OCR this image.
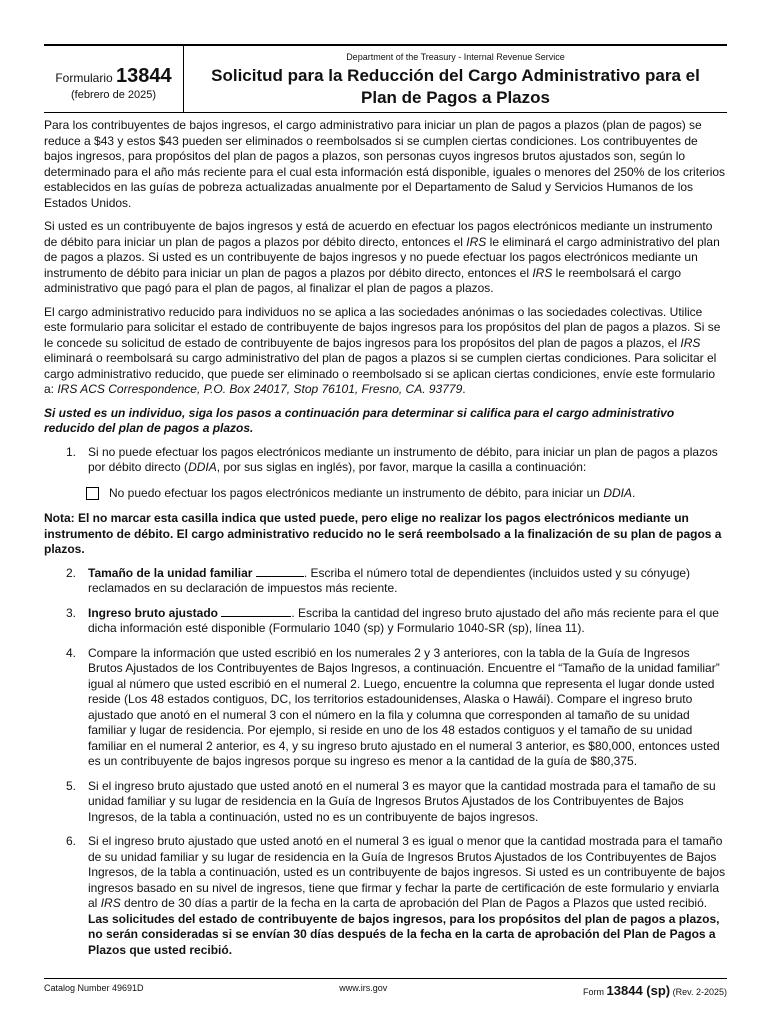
Formulario 13844
(febrero de 2025)
Department of the Treasury - Internal Revenue Service
Solicitud para la Reducción del Cargo Administrativo para el
Plan de Pagos a Plazos

Para los contribuyentes de bajos ingresos, el cargo administrativo para iniciar un plan de pagos a plazos (plan de pagos) se reduce a $43 y estos $43 pueden ser eliminados o reembolsados si se cumplen ciertas condiciones. Los contribuyentes de bajos ingresos, para propósitos del plan de pagos a plazos, son personas cuyos ingresos brutos ajustados son, según lo determinado para el año más reciente para el cual esta información está disponible, iguales o menores del 250% de los criterios establecidos en las guías de pobreza actualizadas anualmente por el Departamento de Salud y Servicios Humanos de los Estados Unidos.

Si usted es un contribuyente de bajos ingresos y está de acuerdo en efectuar los pagos electrónicos mediante un instrumento de débito para iniciar un plan de pagos a plazos por débito directo, entonces el IRS le eliminará el cargo administrativo del plan de pagos a plazos. Si usted es un contribuyente de bajos ingresos y no puede efectuar los pagos electrónicos mediante un instrumento de débito para iniciar un plan de pagos a plazos por débito directo, entonces el IRS le reembolsará el cargo administrativo que pagó para el plan de pagos, al finalizar el plan de pagos a plazos.

El cargo administrativo reducido para individuos no se aplica a las sociedades anónimas o las sociedades colectivas. Utilice este formulario para solicitar el estado de contribuyente de bajos ingresos para los propósitos del plan de pagos a plazos. Si se le concede su solicitud de estado de contribuyente de bajos ingresos para los propósitos del plan de pagos a plazos, el IRS eliminará o reembolsará su cargo administrativo del plan de pagos a plazos si se cumplen ciertas condiciones. Para solicitar el cargo administrativo reducido, que puede ser eliminado o reembolsado si se aplican ciertas condiciones, envíe este formulario a: IRS ACS Correspondence, P.O. Box 24017, Stop 76101, Fresno, CA. 93779.

Si usted es un individuo, siga los pasos a continuación para determinar si califica para el cargo administrativo reducido del plan de pagos a plazos.

1. Si no puede efectuar los pagos electrónicos mediante un instrumento de débito, para iniciar un plan de pagos a plazos por débito directo (DDIA, por sus siglas en inglés), por favor, marque la casilla a continuación:
No puedo efectuar los pagos electrónicos mediante un instrumento de débito, para iniciar un DDIA.

Nota: El no marcar esta casilla indica que usted puede, pero elige no realizar los pagos electrónicos mediante un instrumento de débito. El cargo administrativo reducido no le será reembolsado a la finalización de su plan de pagos a plazos.

2. Tamaño de la unidad familiar	. Escriba el número total de dependientes (incluidos usted y su cónyuge) reclamados en su declaración de impuestos más reciente.
3. Ingreso bruto ajustado	. Escriba la cantidad del ingreso bruto ajustado del año más reciente para el que dicha información esté disponible (Formulario 1040 (sp) y Formulario 1040-SR (sp), línea 11).
4. Compare la información que usted escribió en los numerales 2 y 3 anteriores, con la tabla de la Guía de Ingresos Brutos Ajustados de los Contribuyentes de Bajos Ingresos, a continuación. Encuentre el “Tamaño de la unidad familiar” igual al número que usted escribió en el numeral 2. Luego, encuentre la columna que representa el lugar donde usted reside (Los 48 estados contiguos, DC, los territorios estadounidenses, Alaska o Hawái). Compare el ingreso bruto ajustado que anotó en el numeral 3 con el número en la fila y columna que corresponden al tamaño de su unidad familiar y lugar de residencia. Por ejemplo, si reside en uno de los 48 estados contiguos y el tamaño de su unidad familiar en el numeral 2 anterior, es 4, y su ingreso bruto ajustado en el numeral 3 anterior, es $80,000, entonces usted es un contribuyente de bajos ingresos porque su ingreso es menor a la cantidad de la guía de $80,375.
5. Si el ingreso bruto ajustado que usted anotó en el numeral 3 es mayor que la cantidad mostrada para el tamaño de su unidad familiar y su lugar de residencia en la Guía de Ingresos Brutos Ajustados de los Contribuyentes de Bajos Ingresos, de la tabla a continuación, usted no es un contribuyente de bajos ingresos.
6. Si el ingreso bruto ajustado que usted anotó en el numeral 3 es igual o menor que la cantidad mostrada para el tamaño de su unidad familiar y su lugar de residencia en la Guía de Ingresos Brutos Ajustados de los Contribuyentes de Bajos Ingresos, de la tabla a continuación, usted es un contribuyente de bajos ingresos. Si usted es un contribuyente de bajos ingresos basado en su nivel de ingresos, tiene que firmar y fechar la parte de certificación de este formulario y enviarla al IRS dentro de 30 días a partir de la fecha en la carta de aprobación del Plan de Pagos a Plazos que usted recibió. Las solicitudes del estado de contribuyente de bajos ingresos, para los propósitos del plan de pagos a plazos, no serán consideradas si se envían 30 días después de la fecha en la carta de aprobación del Plan de Pagos a Plazos que usted recibió.
Catalog Number 49691D	www.irs.gov	Form 13844 (sp) (Rev. 2-2025)
